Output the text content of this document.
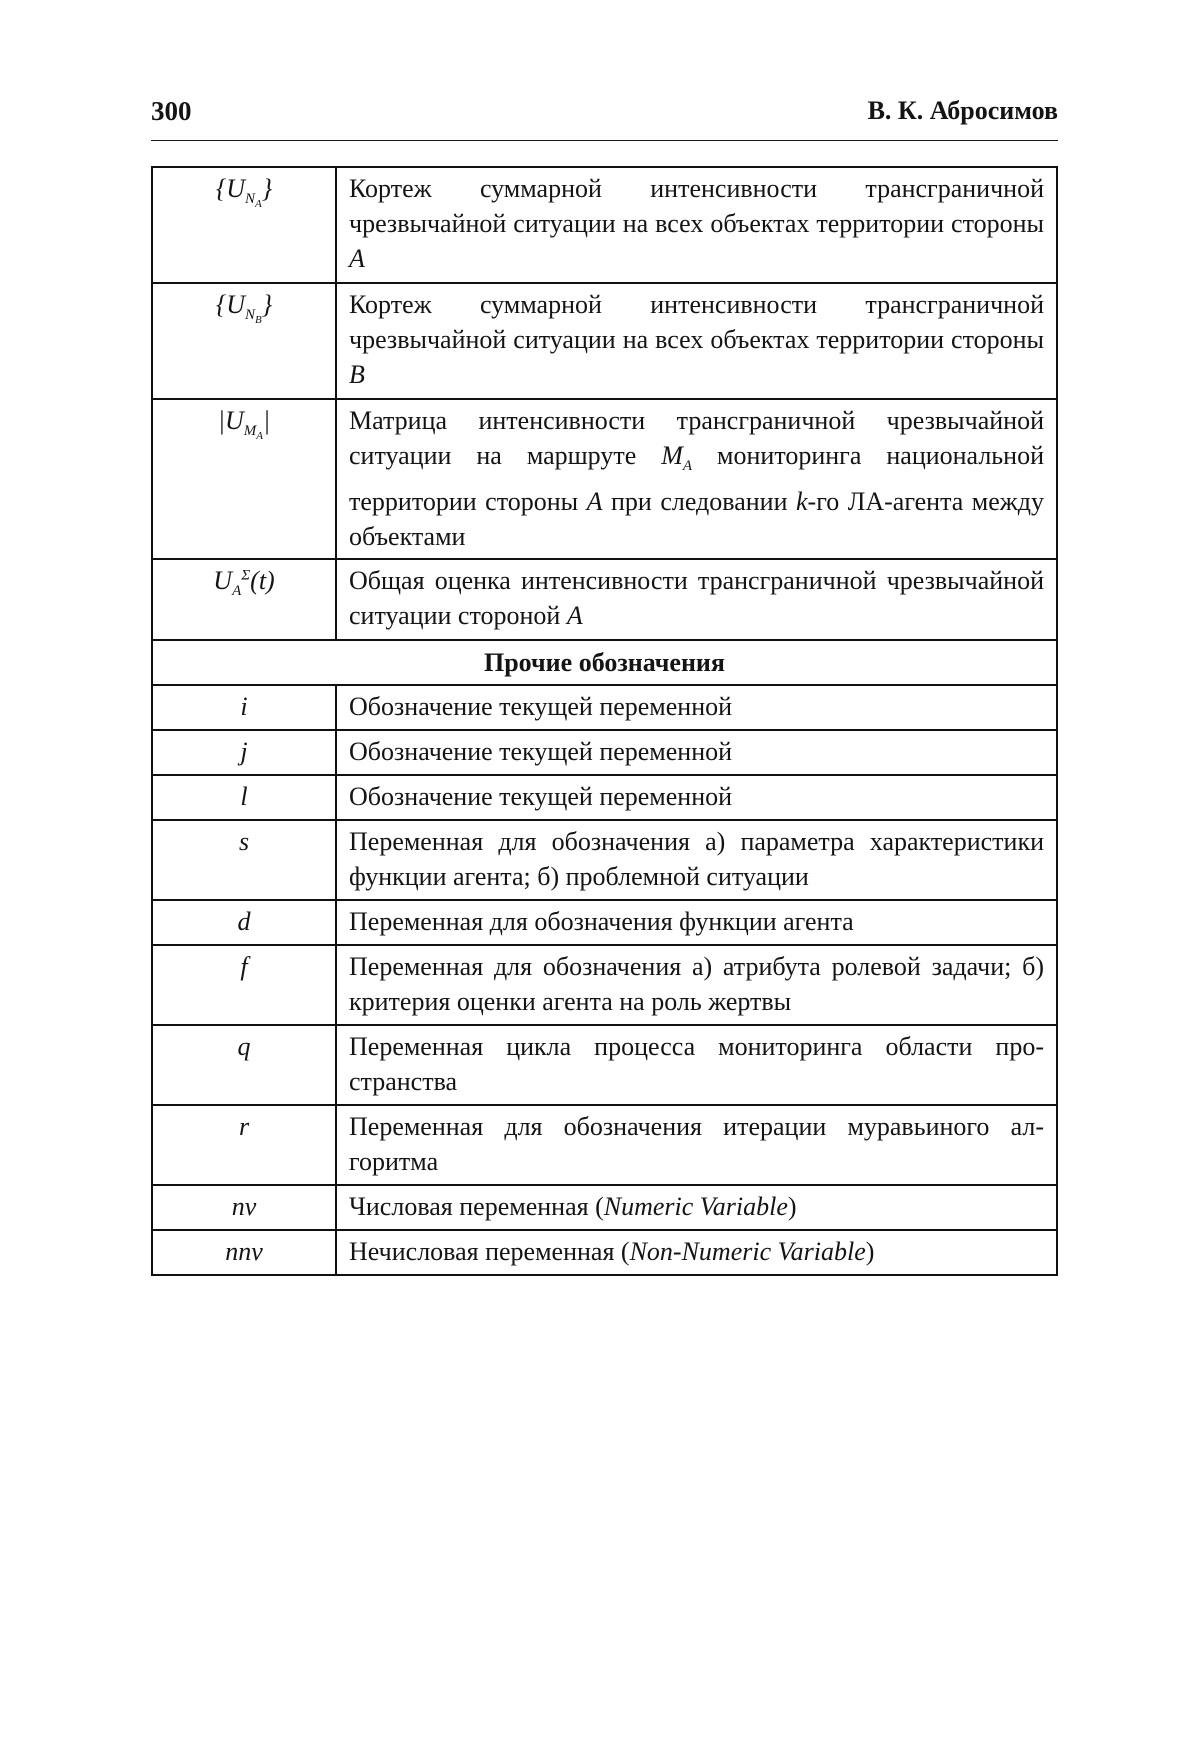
300	В. К. Абросимов
{UNA}	Кортеж суммарной интенсивности трансграничной чрезвычайной ситуации на всех объектах территории стороны A
{UNB}	Кортеж суммарной интенсивности трансграничной чрезвычайной ситуации на всех объектах территории стороны B
|UMA|	Матрица интенсивности трансграничной чрезвычайной ситуации на маршруте MA мониторинга национальной территории стороны A при следовании k-го ЛА-агента между объектами
UAΣ(t)	Общая оценка интенсивности трансграничной чрезвы­чайной ситуации стороной A
Прочие обозначения
i	Обозначение текущей переменной
j	Обозначение текущей переменной
l	Обозначение текущей переменной
s	Переменная для обозначения а) параметра характери­стики функции агента; б) проблемной ситуации
d	Переменная для обозначения функции агента
f	Переменная для обозначения а) атрибута ролевой зада­чи; б) критерия оценки агента на роль жертвы
q	Переменная цикла процесса мониторинга области про­странства
r	Переменная для обозначения итерации муравьиного ал­горитма
nv	Числовая переменная (Numeric Variable)
nnv	Нечисловая переменная (Non-Numeric Variable)
